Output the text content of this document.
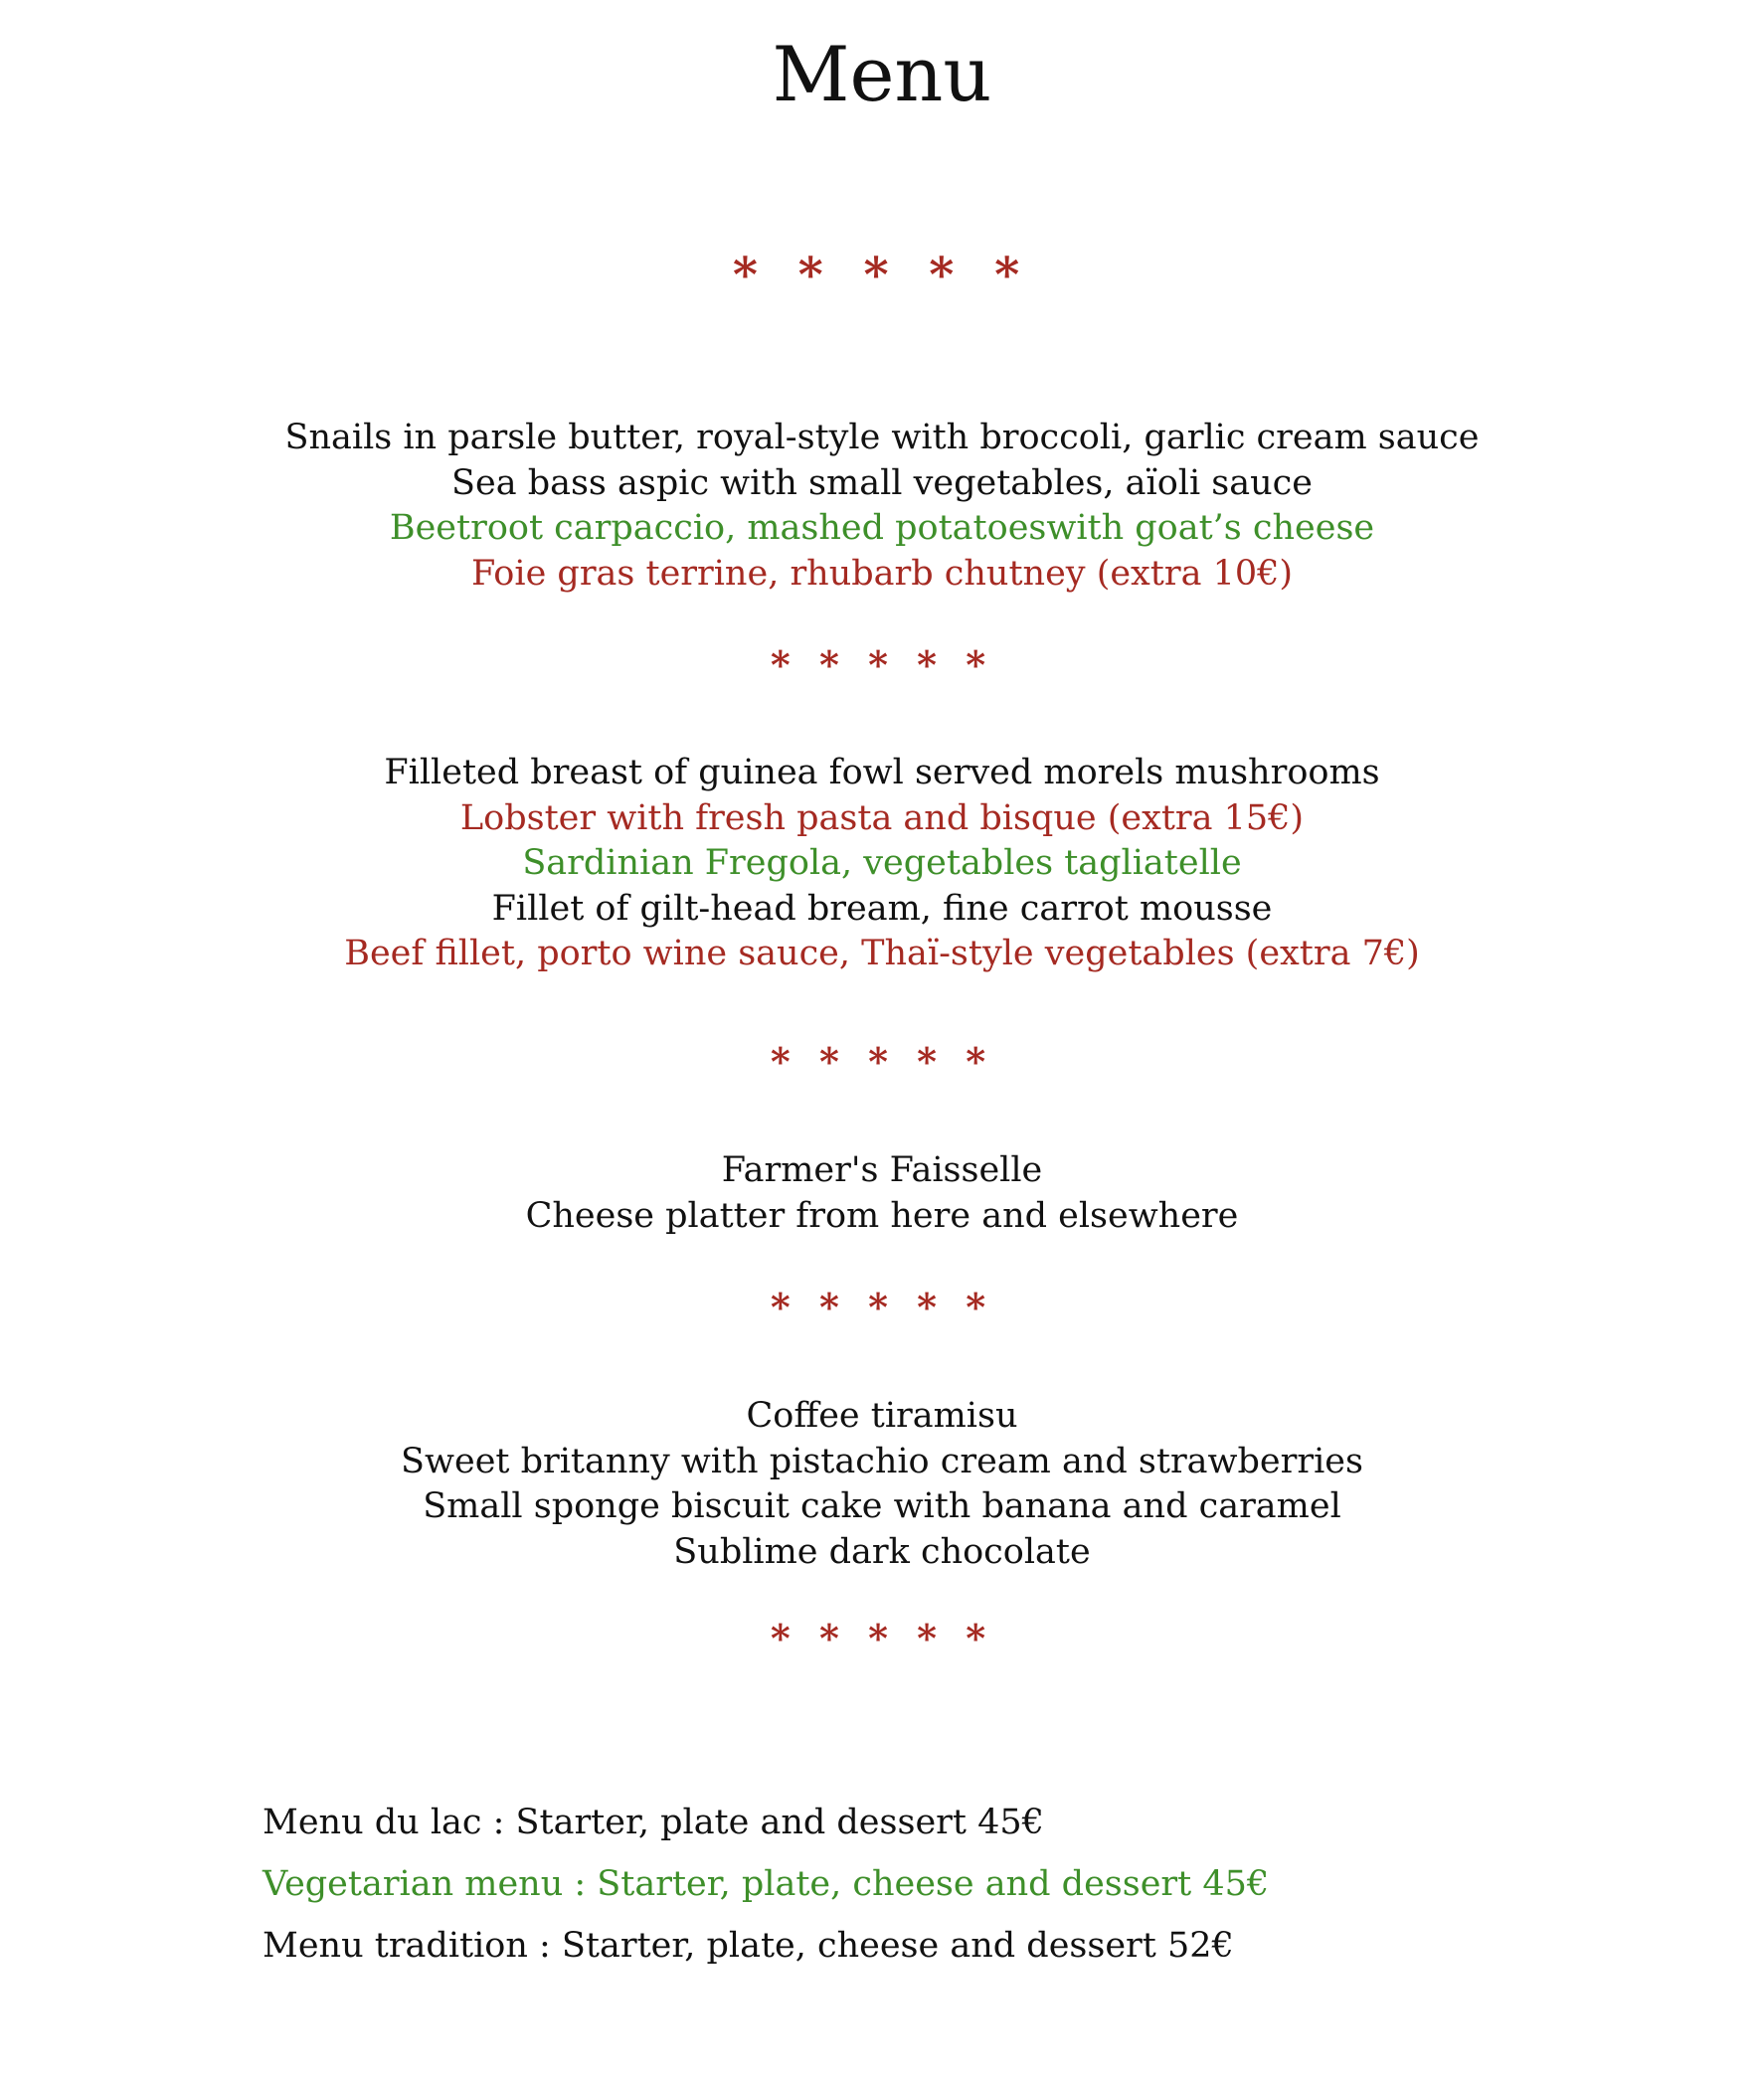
Menu
* * * * *
Snails in parsle butter, royal-style with broccoli, garlic cream sauce
Sea bass aspic with small vegetables, aïoli sauce
Beetroot carpaccio, mashed potatoeswith goat’s cheese
Foie gras terrine, rhubarb chutney (extra 10€)
* * * * *
Filleted breast of guinea fowl served morels mushrooms
Lobster with fresh pasta and bisque (extra 15€)
Sardinian Fregola, vegetables tagliatelle
Fillet of gilt-head bream, fine carrot mousse
Beef fillet, porto wine sauce, Thaï-style vegetables (extra 7€)
* * * * *
Farmer's Faisselle
Cheese platter from here and elsewhere
* * * * *
Coffee tiramisu
Sweet britanny with pistachio cream and strawberries
Small sponge biscuit cake with banana and caramel
Sublime dark chocolate
* * * * *
Menu du lac : Starter, plate and dessert 45€
Vegetarian menu : Starter, plate, cheese and dessert 45€
Menu tradition : Starter, plate, cheese and dessert 52€
